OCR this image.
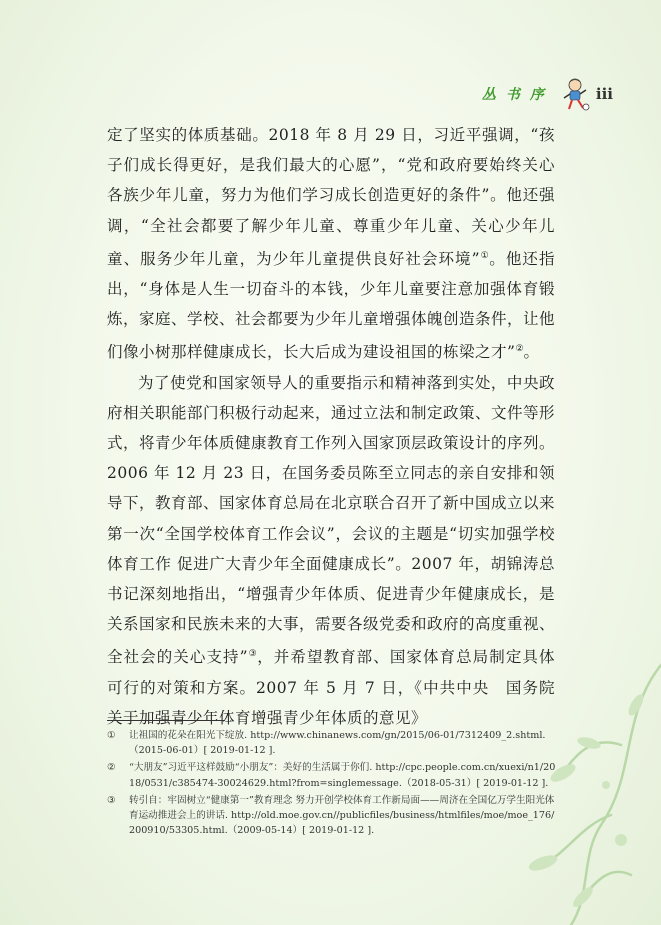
丛书序	iii

定了坚实的体质基础。2018 年 8 月 29 日，习近平强调，“孩子们成长得更好，是我们最大的心愿”，“党和政府要始终关心各族少年儿童，努力为他们学习成长创造更好的条件”。他还强调，“全社会都要了解少年儿童、尊重少年儿童、关心少年儿童、服务少年儿童，为少年儿童提供良好社会环境”①。他还指出，“身体是人生一切奋斗的本钱，少年儿童要注意加强体育锻炼，家庭、学校、社会都要为少年儿童增强体魄创造条件，让他们像小树那样健康成长，长大后成为建设祖国的栋梁之才”②。

为了使党和国家领导人的重要指示和精神落到实处，中央政府相关职能部门积极行动起来，通过立法和制定政策、文件等形式，将青少年体质健康教育工作列入国家顶层政策设计的序列。2006 年 12 月 23 日，在国务委员陈至立同志的亲自安排和领导下，教育部、国家体育总局在北京联合召开了新中国成立以来第一次“全国学校体育工作会议”，会议的主题是“切实加强学校体育工作 促进广大青少年全面健康成长”。2007 年，胡锦涛总书记深刻地指出，“增强青少年体质、促进青少年健康成长，是关系国家和民族未来的大事，需要各级党委和政府的高度重视、全社会的关心支持”③，并希望教育部、国家体育总局制定具体可行的对策和方案。2007 年 5 月 7 日，《中共中央　国务院关于加强青少年体育增强青少年体质的意见》

①	让祖国的花朵在阳光下绽放. http://www.chinanews.com/gn/2015/06-01/7312409_2.shtml.（2015-06-01）[ 2019-01-12 ].
②	“大朋友”习近平这样鼓励“小朋友”：美好的生活属于你们. http://cpc.people.com.cn/xuexi/n1/2018/0531/c385474-30024629.html?from=singlemessage.（2018-05-31）[ 2019-01-12 ].
③	转引自：牢固树立“健康第一”教育理念 努力开创学校体育工作新局面——周济在全国亿万学生阳光体育运动推进会上的讲话. http://old.moe.gov.cn//publicfiles/business/htmlfiles/moe/moe_176/200910/53305.html.（2009-05-14）[ 2019-01-12 ].
